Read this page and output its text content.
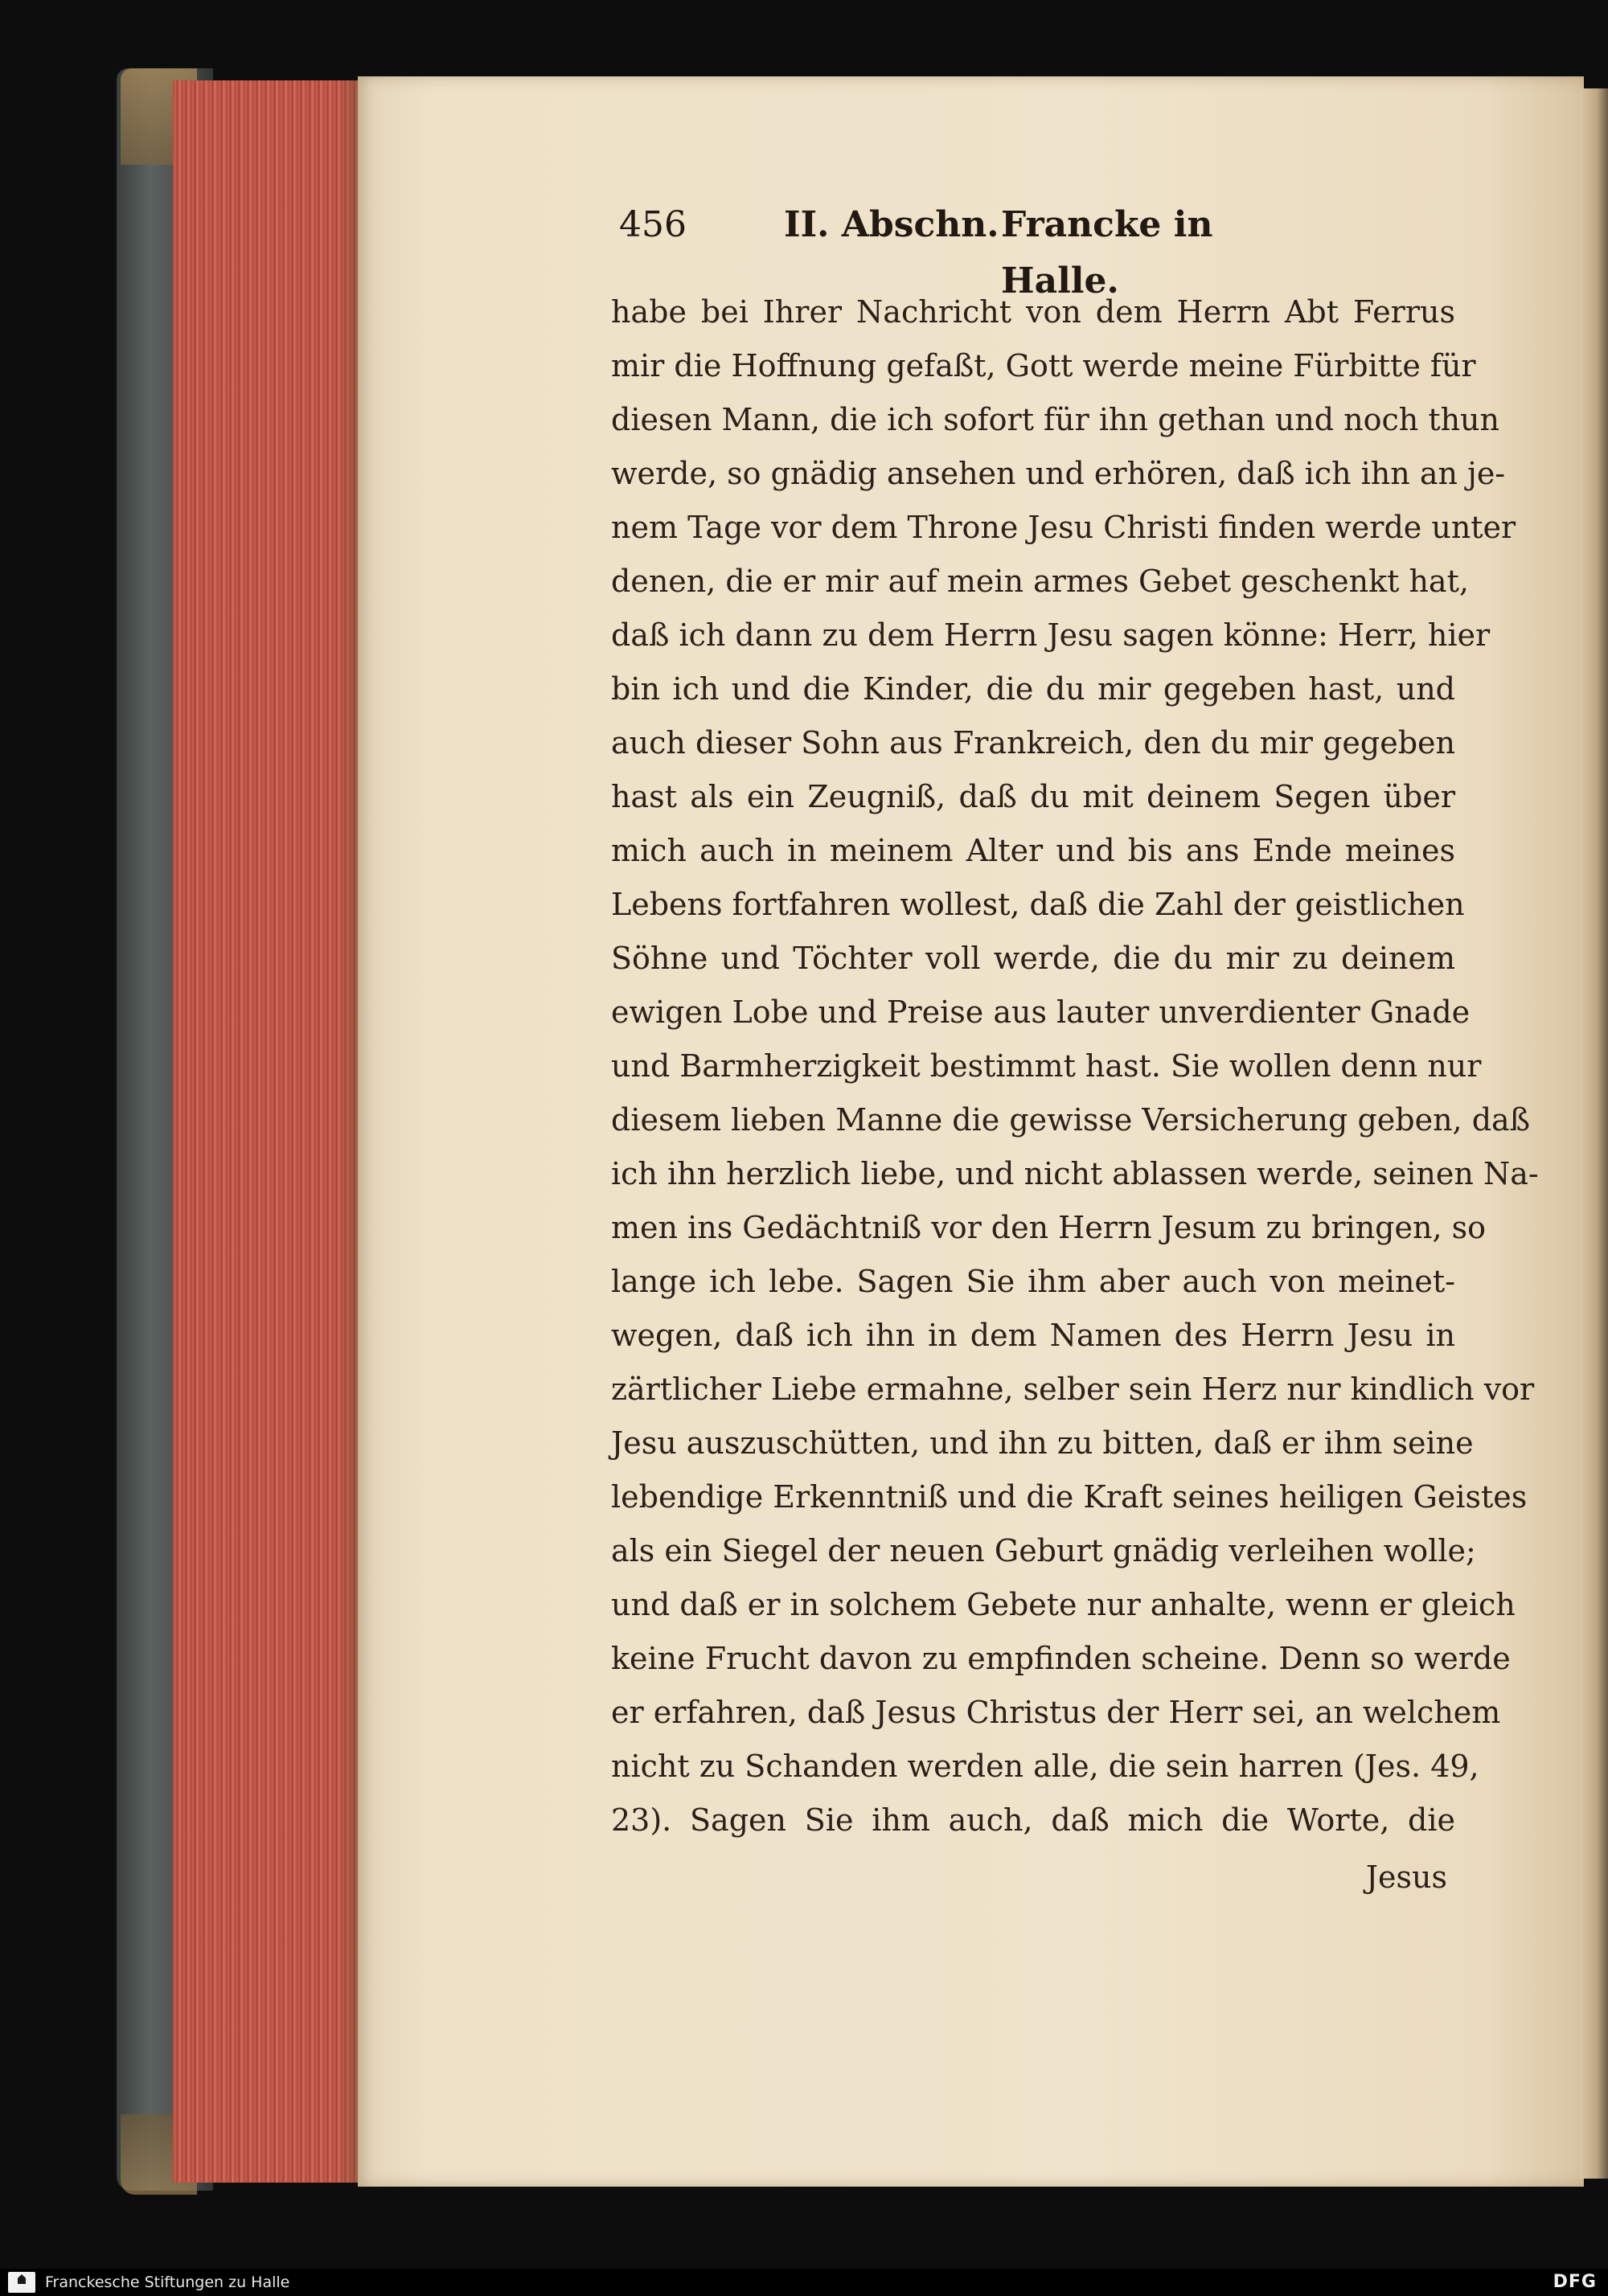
456	II. Abschn. Francke in Halle.
habe bei Ihrer Nachricht von dem Herrn Abt Ferrus
mir die Hoffnung gefaßt, Gott werde meine Fürbitte für
diesen Mann, die ich sofort für ihn gethan und noch thun
werde, so gnädig ansehen und erhören, daß ich ihn an je-
nem Tage vor dem Throne Jesu Christi finden werde unter
denen, die er mir auf mein armes Gebet geschenkt hat,
daß ich dann zu dem Herrn Jesu sagen könne: Herr, hier
bin ich und die Kinder, die du mir gegeben hast, und
auch dieser Sohn aus Frankreich, den du mir gegeben
hast als ein Zeugniß, daß du mit deinem Segen über
mich auch in meinem Alter und bis ans Ende meines
Lebens fortfahren wollest, daß die Zahl der geistlichen
Söhne und Töchter voll werde, die du mir zu deinem
ewigen Lobe und Preise aus lauter unverdienter Gnade
und Barmherzigkeit bestimmt hast. Sie wollen denn nur
diesem lieben Manne die gewisse Versicherung geben, daß
ich ihn herzlich liebe, und nicht ablassen werde, seinen Na-
men ins Gedächtniß vor den Herrn Jesum zu bringen, so
lange ich lebe. Sagen Sie ihm aber auch von meinet-
wegen, daß ich ihn in dem Namen des Herrn Jesu in
zärtlicher Liebe ermahne, selber sein Herz nur kindlich vor
Jesu auszuschütten, und ihn zu bitten, daß er ihm seine
lebendige Erkenntniß und die Kraft seines heiligen Geistes
als ein Siegel der neuen Geburt gnädig verleihen wolle;
und daß er in solchem Gebete nur anhalte, wenn er gleich
keine Frucht davon zu empfinden scheine. Denn so werde
er erfahren, daß Jesus Christus der Herr sei, an welchem
nicht zu Schanden werden alle, die sein harren (Jes. 49,
23). Sagen Sie ihm auch, daß mich die Worte, die
Jesus
Franckesche Stiftungen zu Halle	DFG
